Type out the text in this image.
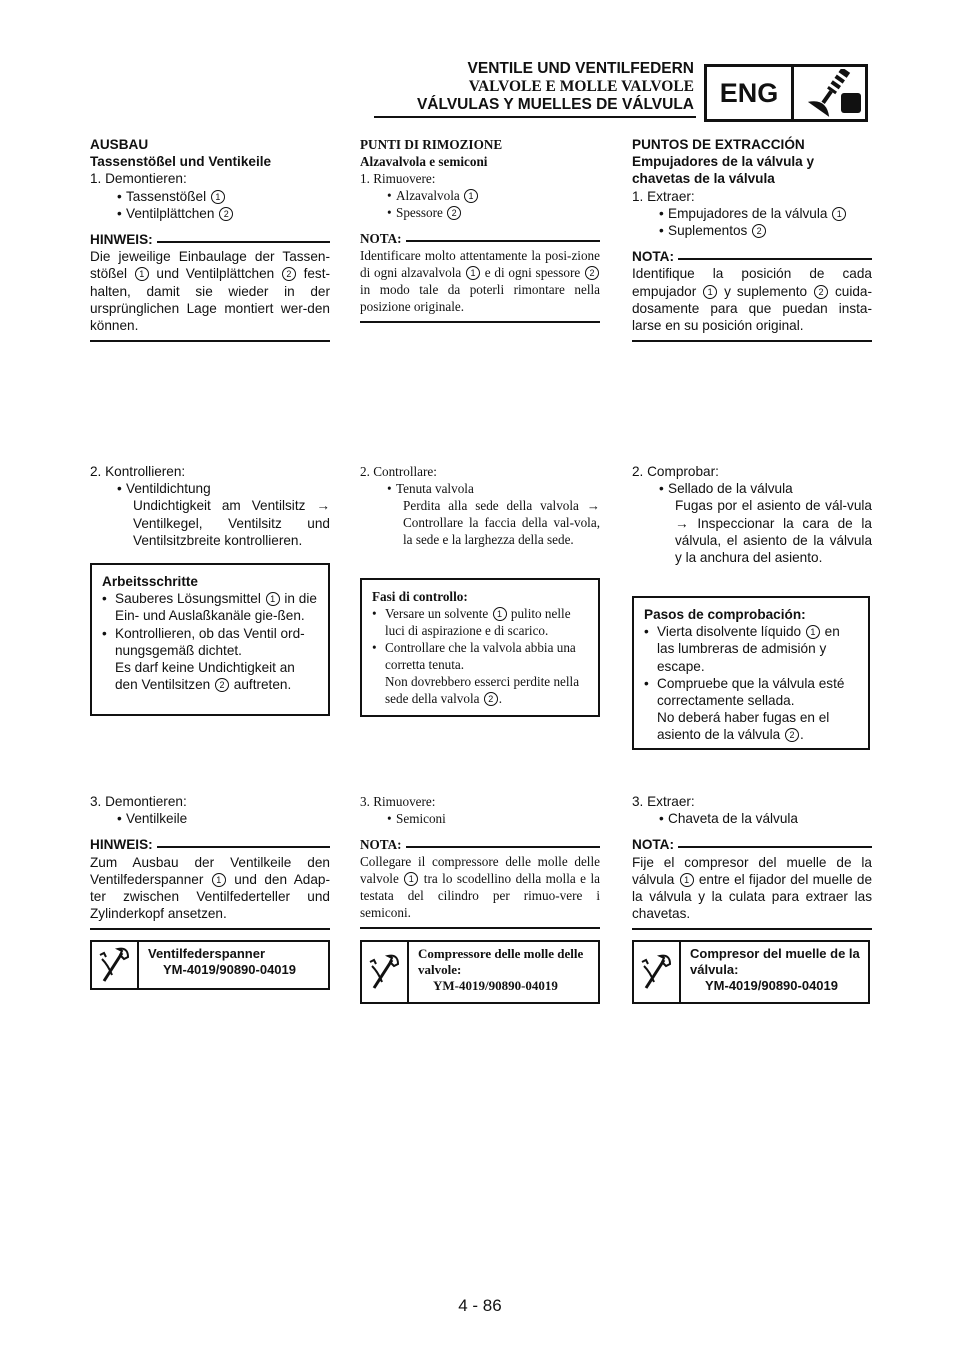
VENTILE UND VENTILFEDERN
VALVOLE E MOLLE VALVOLE
VÁLVULAS Y MUELLES DE VÁLVULA ENG
AUSBAU
Tassenstößel und Ventikeile
1. Demontieren:
• Tassenstößel 1
• Ventilplättchen 2
HINWEIS:
Die jeweilige Einbaulage der Tassen-stößel 1 und Ventilplättchen 2 fest-halten, damit sie wieder in der ursprünglichen Lage montiert wer-den können.
2. Kontrollieren:
• Ventildichtung
Undichtigkeit am Ventilsitz → Ventilkegel, Ventilsitz und Ventilsitzbreite kontrollieren.
Arbeitsschritte
• Sauberes Lösungsmittel 1 in die Ein- und Auslaßkanäle gie-ßen.
• Kontrollieren, ob das Ventil ord-nungsgemäß dichtet.
Es darf keine Undichtigkeit an den Ventilsitzen 2 auftreten.
3. Demontieren:
• Ventilkeile
HINWEIS:
Zum Ausbau der Ventilkeile den Ventilfederspanner 1 und den Adap-ter zwischen Ventilfederteller und Zylinderkopf ansetzen.
Ventilfederspanner
YM-4019/90890-04019
PUNTI DI RIMOZIONE
Alzavalvola e semiconi
1. Rimuovere:
• Alzavalvola 1
• Spessore 2
NOTA:
Identificare molto attentamente la posi-zione di ogni alzavalvola 1 e di ogni spessore 2 in modo tale da poterli rimontare nella posizione originale.
2. Controllare:
• Tenuta valvola
Perdita alla sede della valvola → Controllare la faccia della val-vola, la sede e la larghezza della sede.
Fasi di controllo:
• Versare un solvente 1 pulito nelle luci di aspirazione e di scarico.
• Controllare che la valvola abbia una corretta tenuta.
Non dovrebbero esserci perdite nella sede della valvola 2 .
3. Rimuovere:
• Semiconi
NOTA:
Collegare il compressore delle molle delle valvole 1 tra lo scodellino della molla e la testata del cilindro per rimuo-vere i semiconi.
Compressore delle molle delle valvole:
YM-4019/90890-04019
PUNTOS DE EXTRACCIÓN
Empujadores de la válvula y chavetas de la válvula
1. Extraer:
• Empujadores de la válvula 1
• Suplementos 2
NOTA:
Identifique la posición de cada empujador 1 y suplemento 2 cuida-dosamente para que puedan insta-larse en su posición original.
2. Comprobar:
• Sellado de la válvula
Fugas por el asiento de vál-vula → Inspeccionar la cara de la válvula, el asiento de la válvula y la anchura del asiento.
Pasos de comprobación:
• Vierta disolvente líquido 1 en las lumbreras de admisión y escape.
• Compruebe que la válvula esté correctamente sellada.
No deberá haber fugas en el asiento de la válvula 2 .
3. Extraer:
• Chaveta de la válvula
NOTA:
Fije el compresor del muelle de la válvula 1 entre el fijador del muelle de la válvula y la culata para extraer las chavetas.
Compresor del muelle de la válvula:
YM-4019/90890-04019
4 - 86
